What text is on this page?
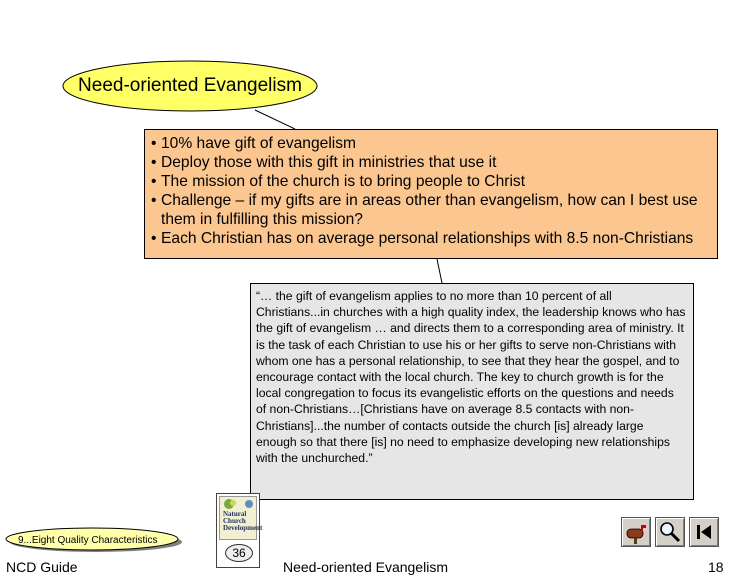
Need-oriented Evangelism
• 10% have gift of evangelism
• Deploy those with this gift in ministries that use it
• The mission of the church is to bring people to Christ
• Challenge – if my gifts are in areas other than evangelism, how can I best use them in fulfilling this mission?
• Each Christian has on average personal relationships with 8.5 non-Christians

“… the gift of evangelism applies to no more than 10 percent of all Christians...in churches with a high quality index, the leadership knows who has the gift of evangelism … and directs them to a corresponding area of ministry. It is the task of each Christian to use his or her gifts to serve non-Christians with whom one has a personal relationship, to see that they hear the gospel, and to encourage contact with the local church. The key to church growth is for the local congregation to focus its evangelistic efforts on the questions and needs of non-Christians…[Christians have on average 8.5 contacts with non-Christians]...the number of contacts outside the church [is] already large enough so that there [is] no need to emphasize developing new relationships with the unchurched.”

9...Eight Quality Characteristics
Natural Church Development
36
NCD Guide	Need-oriented Evangelism	18
